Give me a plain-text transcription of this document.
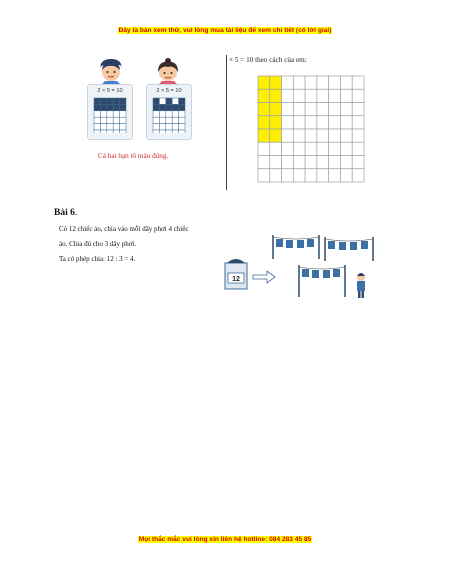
Đây là bản xem thử, vui lòng mua tài liệu để xem chi tiết (có lời giải)
2 × 5 = 10	2 × 5 = 10
Cả hai bạn tô màu đúng.
× 5 = 10 theo cách của em:
Bài 6.
Có 12 chiếc áo, chia vào mỗi dây phơi 4 chiếc
áo. Chia đủ cho 3 dây phơi.
Ta có phép chia: 12 : 3 = 4.
12
Mọi thắc mắc vui lòng xin liên hệ hotline: 084 283 45 85
